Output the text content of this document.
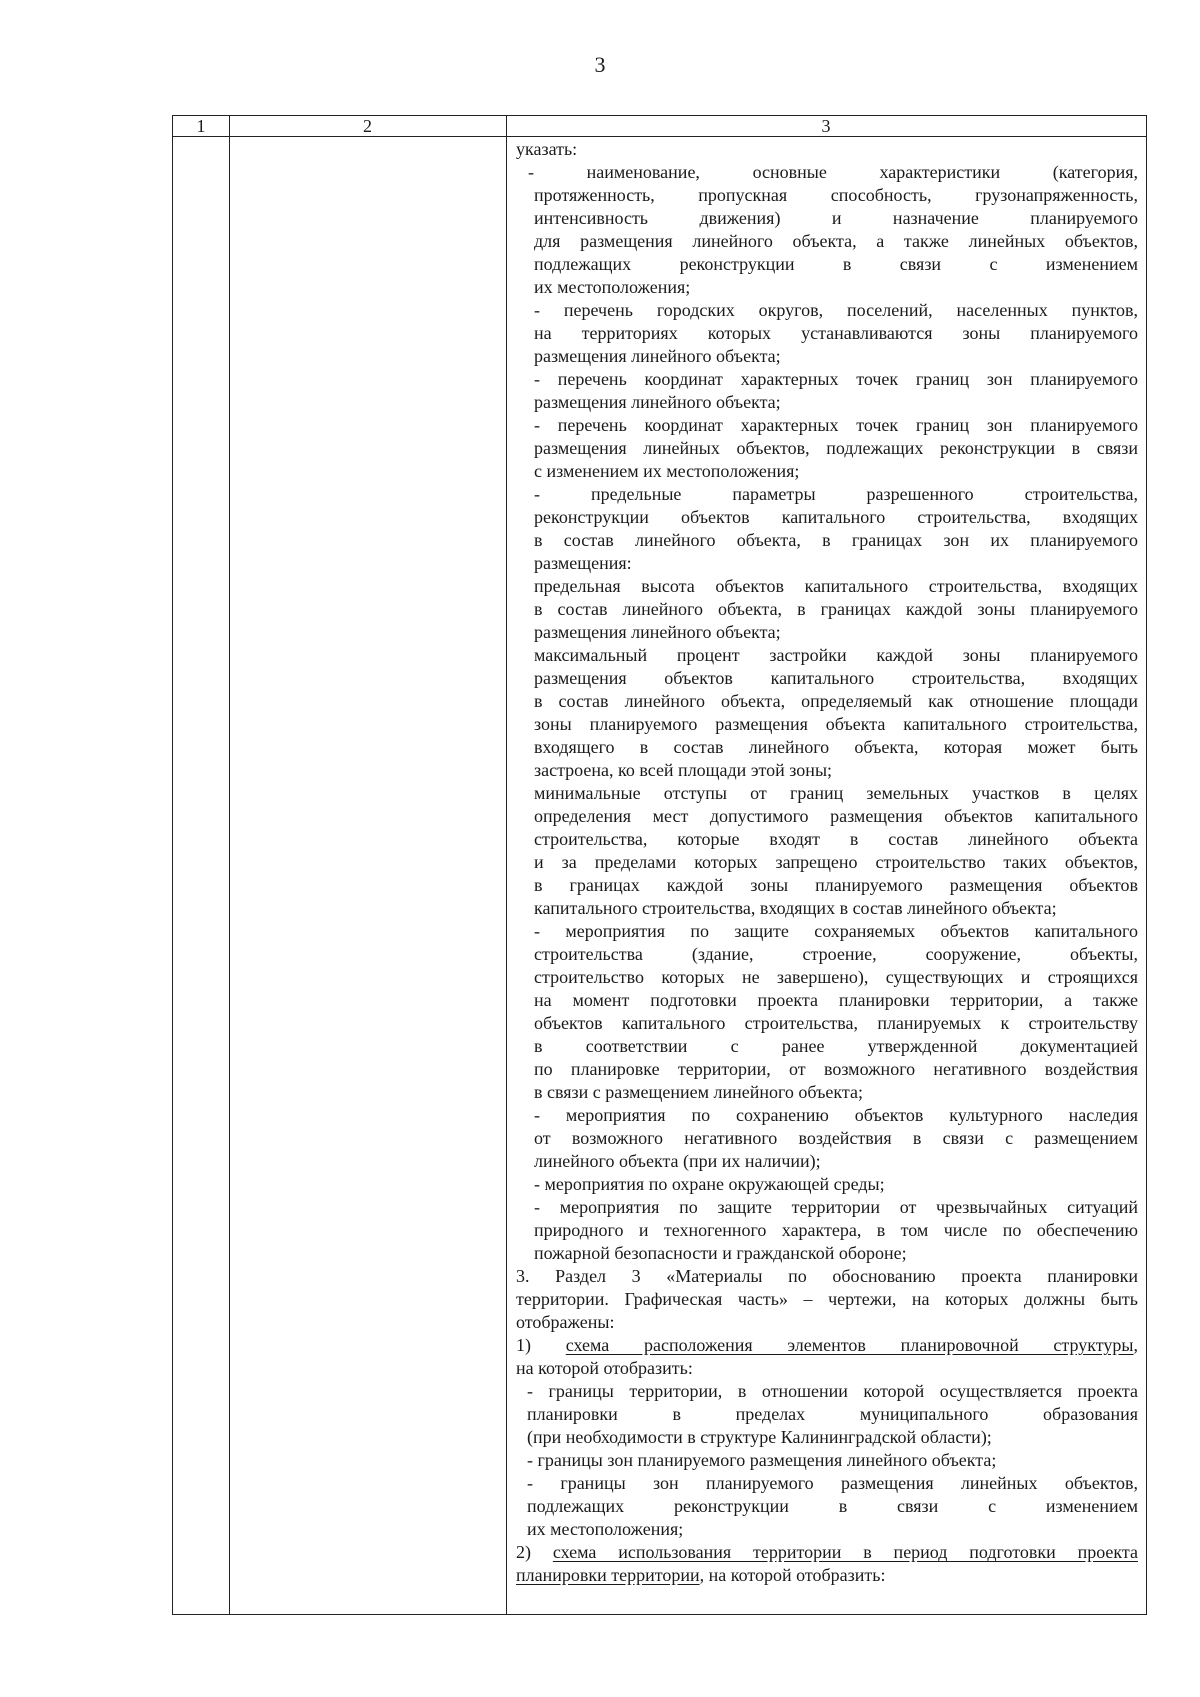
3
1	2	3

указать:

- наименование, основные характеристики (категория,

протяженность, пропускная способность, грузонапряженность,

интенсивность движения) и назначение планируемого

для размещения линейного объекта, а также линейных объектов,

подлежащих реконструкции в связи с изменением

их местоположения;

- перечень городских округов, поселений, населенных пунктов,

на территориях которых устанавливаются зоны планируемого

размещения линейного объекта;

- перечень координат характерных точек границ зон планируемого

размещения линейного объекта;

- перечень координат характерных точек границ зон планируемого

размещения линейных объектов, подлежащих реконструкции в связи

с изменением их местоположения;

- предельные параметры разрешенного строительства,

реконструкции объектов капитального строительства, входящих

в состав линейного объекта, в границах зон их планируемого

размещения:

предельная высота объектов капитального строительства, входящих

в состав линейного объекта, в границах каждой зоны планируемого

размещения линейного объекта;

максимальный процент застройки каждой зоны планируемого

размещения объектов капитального строительства, входящих

в состав линейного объекта, определяемый как отношение площади

зоны планируемого размещения объекта капитального строительства,

входящего в состав линейного объекта, которая может быть

застроена, ко всей площади этой зоны;

минимальные отступы от границ земельных участков в целях

определения мест допустимого размещения объектов капитального

строительства, которые входят в состав линейного объекта

и за пределами которых запрещено строительство таких объектов,

в границах каждой зоны планируемого размещения объектов

капитального строительства, входящих в состав линейного объекта;

- мероприятия по защите сохраняемых объектов капитального

строительства (здание, строение, сооружение, объекты,

строительство которых не завершено), существующих и строящихся

на момент подготовки проекта планировки территории, а также

объектов капитального строительства, планируемых к строительству

в соответствии с ранее утвержденной документацией

по планировке территории, от возможного негативного воздействия

в связи с размещением линейного объекта;

- мероприятия по сохранению объектов культурного наследия

от возможного негативного воздействия в связи с размещением

линейного объекта (при их наличии);

- мероприятия по охране окружающей среды;

- мероприятия по защите территории от чрезвычайных ситуаций

природного и техногенного характера, в том числе по обеспечению

пожарной безопасности и гражданской обороне;

3. Раздел 3 «Материалы по обоснованию проекта планировки

территории. Графическая часть» – чертежи, на которых должны быть

отображены:

1) схема расположения элементов планировочной структуры,

на которой отобразить:

- границы территории, в отношении которой осуществляется проекта

планировки в пределах муниципального образования

(при необходимости в структуре Калининградской области);

- границы зон планируемого размещения линейного объекта;

- границы зон планируемого размещения линейных объектов,

подлежащих реконструкции в связи с изменением

их местоположения;

2) схема использования территории в период подготовки проекта

планировки территории, на которой отобразить:
